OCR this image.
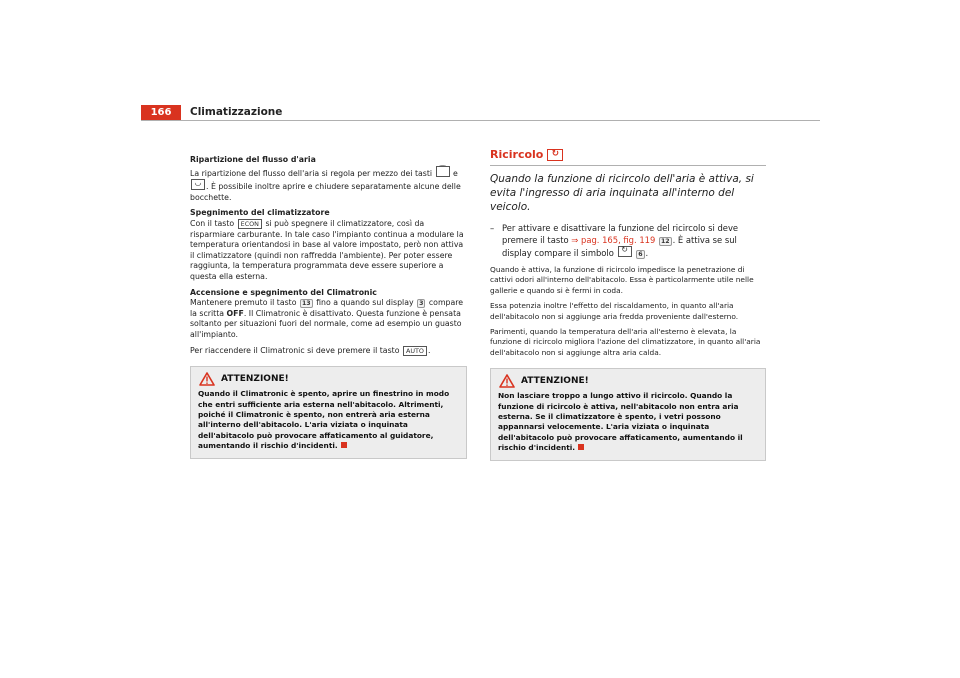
166	Climatizzazione

Ripartizione del flusso d'aria
La ripartizione del flusso dell'aria si regola per mezzo dei tasti ⌒ e
◡ . È possibile inoltre aprire e chiudere separatamente alcune delle bocchette.

Spegnimento del climatizzatore
Con il tasto ECON si può spegnere il climatizzatore, così da risparmiare carburante. In tale caso l'impianto continua a modulare la temperatura orientandosi in base al valore impostato, però non attiva il climatizzatore (quindi non raffredda l'ambiente). Per poter essere raggiunta, la temperatura programmata deve essere superiore a questa ella esterna.

Accensione e spegnimento del Climatronic
Mantenere premuto il tasto 13 fino a quando sul display 3 compare la scritta OFF. Il Climatronic è disattivato. Questa funzione è pensata soltanto per situazioni fuori del normale, come ad esempio un guasto all'impianto.

Per riaccendere il Climatronic si deve premere il tasto AUTO .

ATTENZIONE!
Quando il Climatronic è spento, aprire un finestrino in modo che entri sufficiente aria esterna nell'abitacolo. Altrimenti, poiché il Climatronic è spento, non entrerà aria esterna all'interno dell'abitacolo. L'aria viziata o inquinata dell'abitacolo può provocare affaticamento al guidatore, aumentando il rischio d'incidenti.
Ricircolo ↻
Quando la funzione di ricircolo dell'aria è attiva, si evita l'ingresso di aria inquinata all'interno del veicolo.
– Per attivare e disattivare la funzione del ricircolo si deve premere il tasto ⇒ pag. 165, fig. 119 12 . È attiva se sul display compare il simbolo ↻
6 .

Quando è attiva, la funzione di ricircolo impedisce la penetrazione di cattivi odori all'interno dell'abitacolo. Essa è particolarmente utile nelle gallerie e quando si è fermi in coda.

Essa potenzia inoltre l'effetto del riscaldamento, in quanto all'aria dell'abitacolo non si aggiunge aria fredda proveniente dall'esterno.

Parimenti, quando la temperatura dell'aria all'esterno è elevata, la funzione di ricircolo migliora l'azione del climatizzatore, in quanto all'aria dell'abitacolo non si aggiunge altra aria calda.

ATTENZIONE!
Non lasciare troppo a lungo attivo il ricircolo. Quando la funzione di ricircolo è attiva, nell'abitacolo non entra aria esterna. Se il climatizzatore è spento, i vetri possono appannarsi velocemente. L'aria viziata o inquinata dell'abitacolo può provocare affaticamento, aumentando il rischio d'incidenti.
